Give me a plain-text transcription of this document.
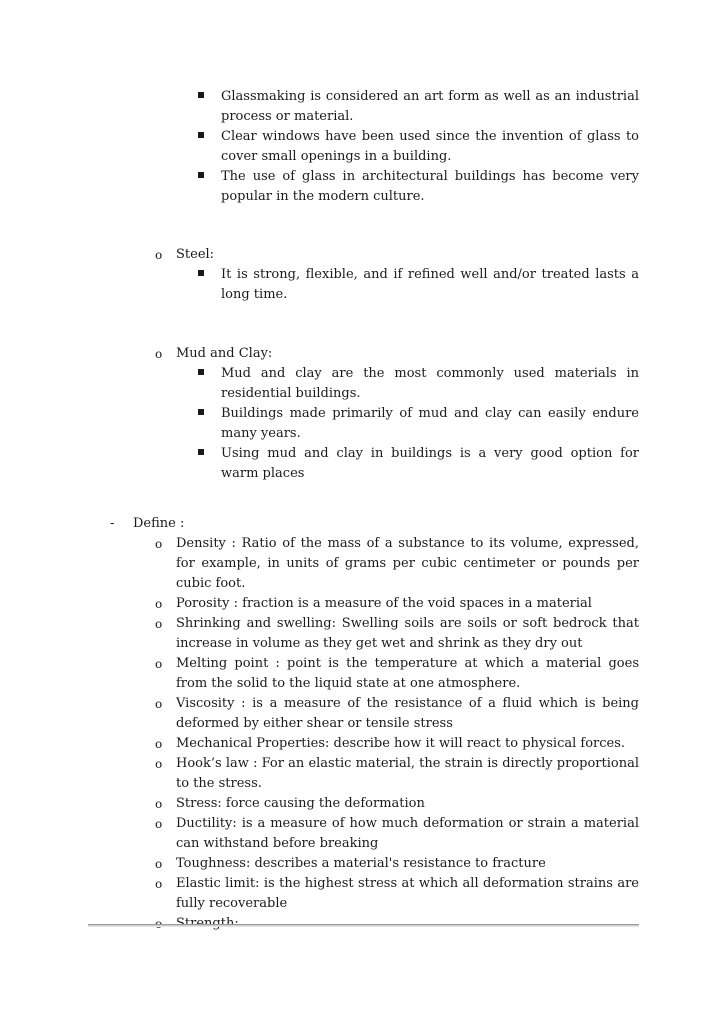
Glassmaking is considered an art form as well as an industrial process or material.
Clear windows have been used since the invention of glass to cover small openings in a building.
The use of glass in architectural buildings has become very popular in the modern culture.
o Steel:
It is strong, flexible, and if refined well and/or treated lasts a long time.
o Mud and Clay:
Mud and clay are the most commonly used materials in residential buildings.
Buildings made primarily of mud and clay can easily endure many years.
Using mud and clay in buildings is a very good option for warm places
- Define :
o Density : Ratio of the mass of a substance to its volume, expressed, for example, in units of grams per cubic centimeter or pounds per cubic foot.
o Porosity : fraction is a measure of the void spaces in a material
o Shrinking and swelling: Swelling soils are soils or soft bedrock that increase in volume as they get wet and shrink as they dry out
o Melting point : point is the temperature at which a material goes from the solid to the liquid state at one atmosphere.
o Viscosity : is a measure of the resistance of a fluid which is being deformed by either shear or tensile stress
o Mechanical Properties: describe how it will react to physical forces.
o Hook’s law : For an elastic material, the strain is directly proportional to the stress.
o Stress: force causing the deformation
o Ductility: is a measure of how much deformation or strain a material can withstand before breaking
o Toughness: describes a material's resistance to fracture
o Elastic limit: is the highest stress at which all deformation strains are fully recoverable
o Strength:
